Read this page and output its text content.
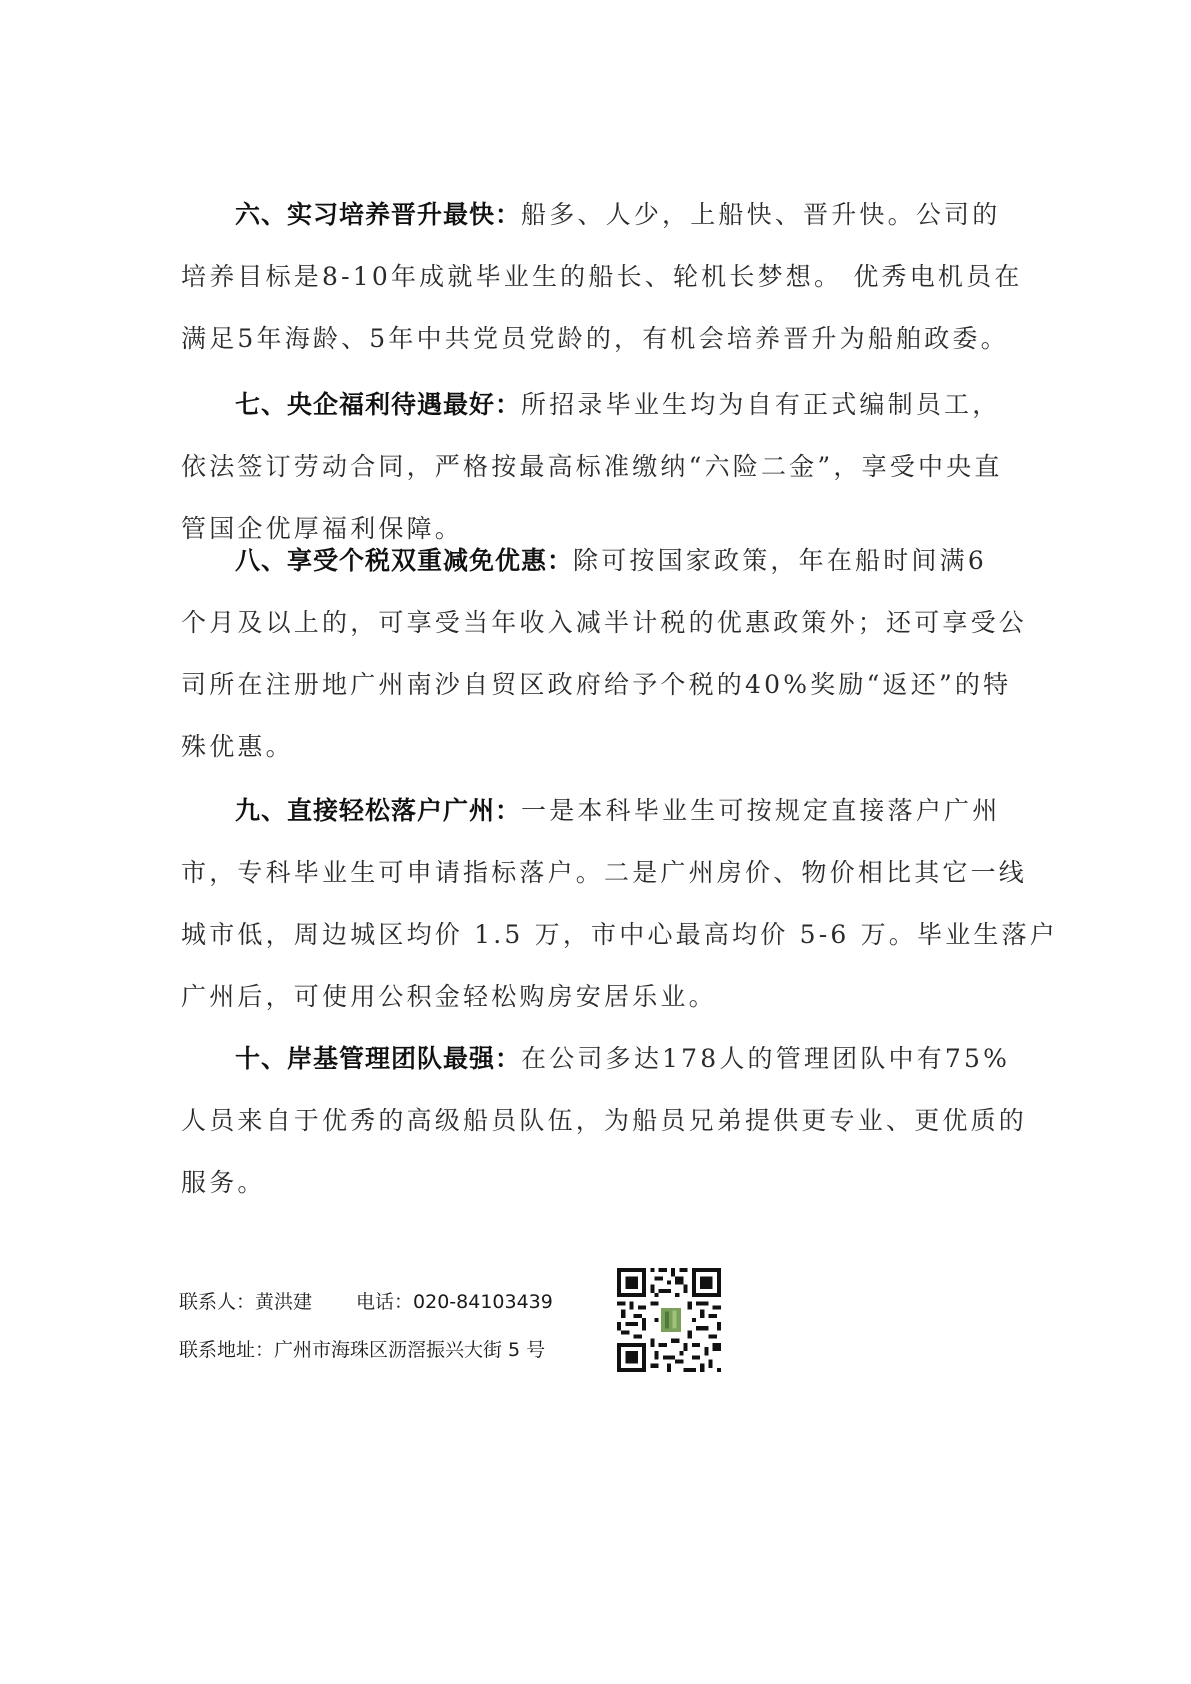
六、实习培养晋升最快：船多、人少，上船快、晋升快。公司的
培养目标是8-10年成就毕业生的船长、轮机长梦想。 优秀电机员在
满足5年海龄、5年中共党员党龄的，有机会培养晋升为船舶政委。
七、央企福利待遇最好：所招录毕业生均为自有正式编制员工，
依法签订劳动合同，严格按最高标准缴纳“六险二金”，享受中央直
管国企优厚福利保障。
八、享受个税双重减免优惠：除可按国家政策，年在船时间满6
个月及以上的，可享受当年收入减半计税的优惠政策外；还可享受公
司所在注册地广州南沙自贸区政府给予个税的40%奖励“返还”的特
殊优惠。
九、直接轻松落户广州：一是本科毕业生可按规定直接落户广州
市，专科毕业生可申请指标落户。二是广州房价、物价相比其它一线
城市低，周边城区均价 1.5 万，市中心最高均价 5-6 万。毕业生落户
广州后，可使用公积金轻松购房安居乐业。
十、岸基管理团队最强：在公司多达178人的管理团队中有75%
人员来自于优秀的高级船员队伍，为船员兄弟提供更专业、更优质的
服务。
联系人：黄洪建 电话：020-84103439
联系地址：广州市海珠区沥滘振兴大街 5 号
